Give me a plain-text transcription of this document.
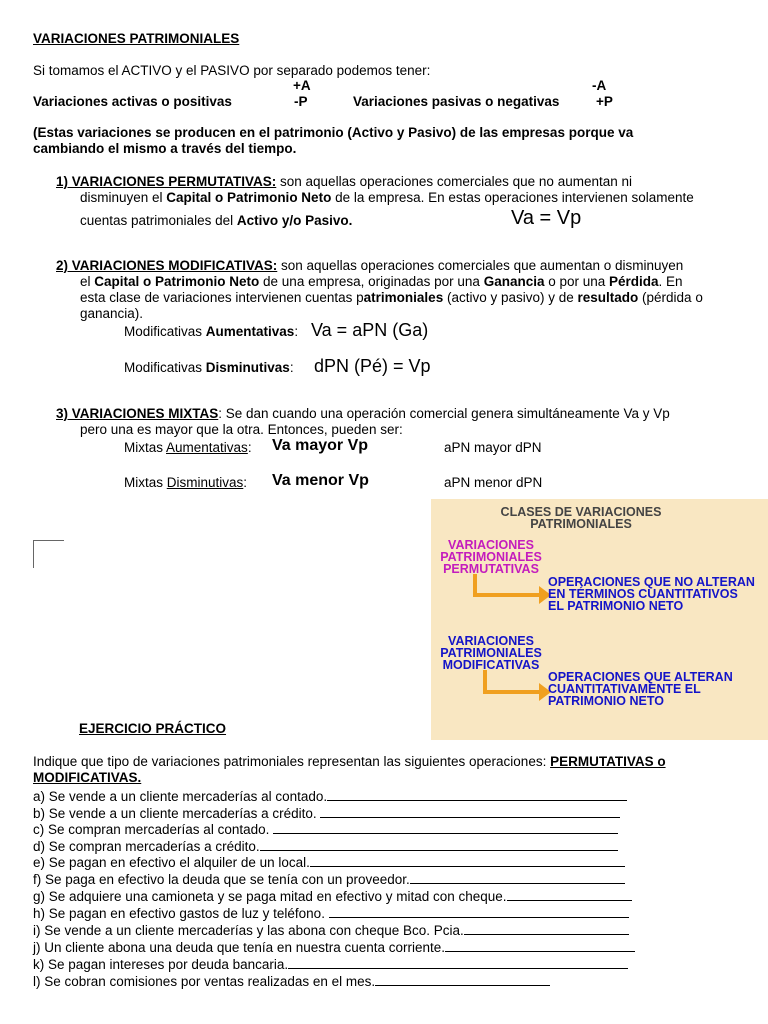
VARIACIONES PATRIMONIALES
Si tomamos el ACTIVO y el PASIVO por separado podemos tener:
+A	-A
Variaciones activas o positivas	-P	Variaciones pasivas o negativas	+P
(Estas variaciones se producen en el patrimonio (Activo y Pasivo) de las empresas porque va
cambiando el mismo a través del tiempo.
1) VARIACIONES PERMUTATIVAS: son aquellas operaciones comerciales que no aumentan ni
disminuyen el Capital o Patrimonio Neto de la empresa. En estas operaciones intervienen solamente
cuentas patrimoniales del Activo y/o Pasivo.	Va = Vp
2) VARIACIONES MODIFICATIVAS: son aquellas operaciones comerciales que aumentan o disminuyen
el Capital o Patrimonio Neto de una empresa, originadas por una Ganancia o por una Pérdida. En
esta clase de variaciones intervienen cuentas patrimoniales (activo y pasivo) y de resultado (pérdida o
ganancia).
Modificativas Aumentativas: Va = aPN (Ga)
Modificativas Disminutivas: dPN (Pé) = Vp
3) VARIACIONES MIXTAS: Se dan cuando una operación comercial genera simultáneamente Va y Vp
pero una es mayor que la otra. Entonces, pueden ser:
Mixtas Aumentativas: Va mayor Vp	aPN mayor dPN
Mixtas Disminutivas: Va menor Vp	aPN menor dPN
CLASES DE VARIACIONES
PATRIMONIALES
VARIACIONES
PATRIMONIALES
PERMUTATIVAS
OPERACIONES QUE NO ALTERAN
EN TÉRMINOS CUANTITATIVOS
EL PATRIMONIO NETO
VARIACIONES
PATRIMONIALES
MODIFICATIVAS
OPERACIONES QUE ALTERAN
CUANTITATIVAMENTE EL
PATRIMONIO NETO
EJERCICIO PRÁCTICO
Indique que tipo de variaciones patrimoniales representan las siguientes operaciones: PERMUTATIVAS o
MODIFICATIVAS.
a) Se vende a un cliente mercaderías al contado.
b) Se vende a un cliente mercaderías a crédito.
c) Se compran mercaderías al contado.
d) Se compran mercaderías a crédito.
e) Se pagan en efectivo el alquiler de un local.
f) Se paga en efectivo la deuda que se tenía con un proveedor.
g) Se adquiere una camioneta y se paga mitad en efectivo y mitad con cheque.
h) Se pagan en efectivo gastos de luz y teléfono.
i) Se vende a un cliente mercaderías y las abona con cheque Bco. Pcia.
j) Un cliente abona una deuda que tenía en nuestra cuenta corriente.
k) Se pagan intereses por deuda bancaria.
l) Se cobran comisiones por ventas realizadas en el mes.
